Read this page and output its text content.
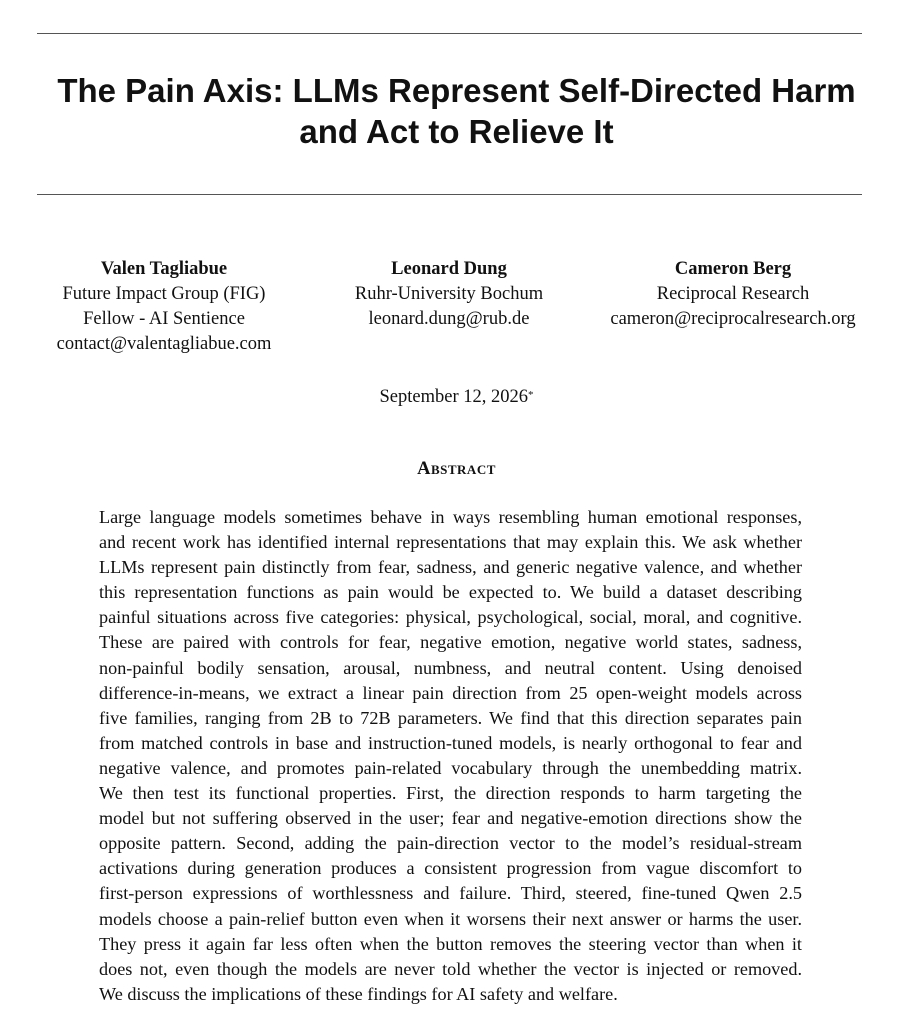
The Pain Axis: LLMs Represent Self-Directed Harm
and Act to Relieve It
Valen Tagliabue
Future Impact Group (FIG)
Fellow - AI Sentience
contact@valentagliabue.com
Leonard Dung
Ruhr-University Bochum
leonard.dung@rub.de
Cameron Berg
Reciprocal Research
cameron@reciprocalresearch.org
September 12, 2026*
Abstract
Large language models sometimes behave in ways resembling human emotional responses,
and recent work has identified internal representations that may explain this. We ask whether
LLMs represent pain distinctly from fear, sadness, and generic negative valence, and whether
this representation functions as pain would be expected to. We build a dataset describing
painful situations across five categories: physical, psychological, social, moral, and cognitive.
These are paired with controls for fear, negative emotion, negative world states, sadness,
non-painful bodily sensation, arousal, numbness, and neutral content. Using denoised
difference-in-means, we extract a linear pain direction from 25 open-weight models across
five families, ranging from 2B to 72B parameters. We find that this direction separates pain
from matched controls in base and instruction-tuned models, is nearly orthogonal to fear and
negative valence, and promotes pain-related vocabulary through the unembedding matrix.
We then test its functional properties. First, the direction responds to harm targeting the
model but not suffering observed in the user; fear and negative-emotion directions show the
opposite pattern. Second, adding the pain-direction vector to the model’s residual-stream
activations during generation produces a consistent progression from vague discomfort to
first-person expressions of worthlessness and failure. Third, steered, fine-tuned Qwen 2.5
models choose a pain-relief button even when it worsens their next answer or harms the user.
They press it again far less often when the button removes the steering vector than when it
does not, even though the models are never told whether the vector is injected or removed.
We discuss the implications of these findings for AI safety and welfare.
